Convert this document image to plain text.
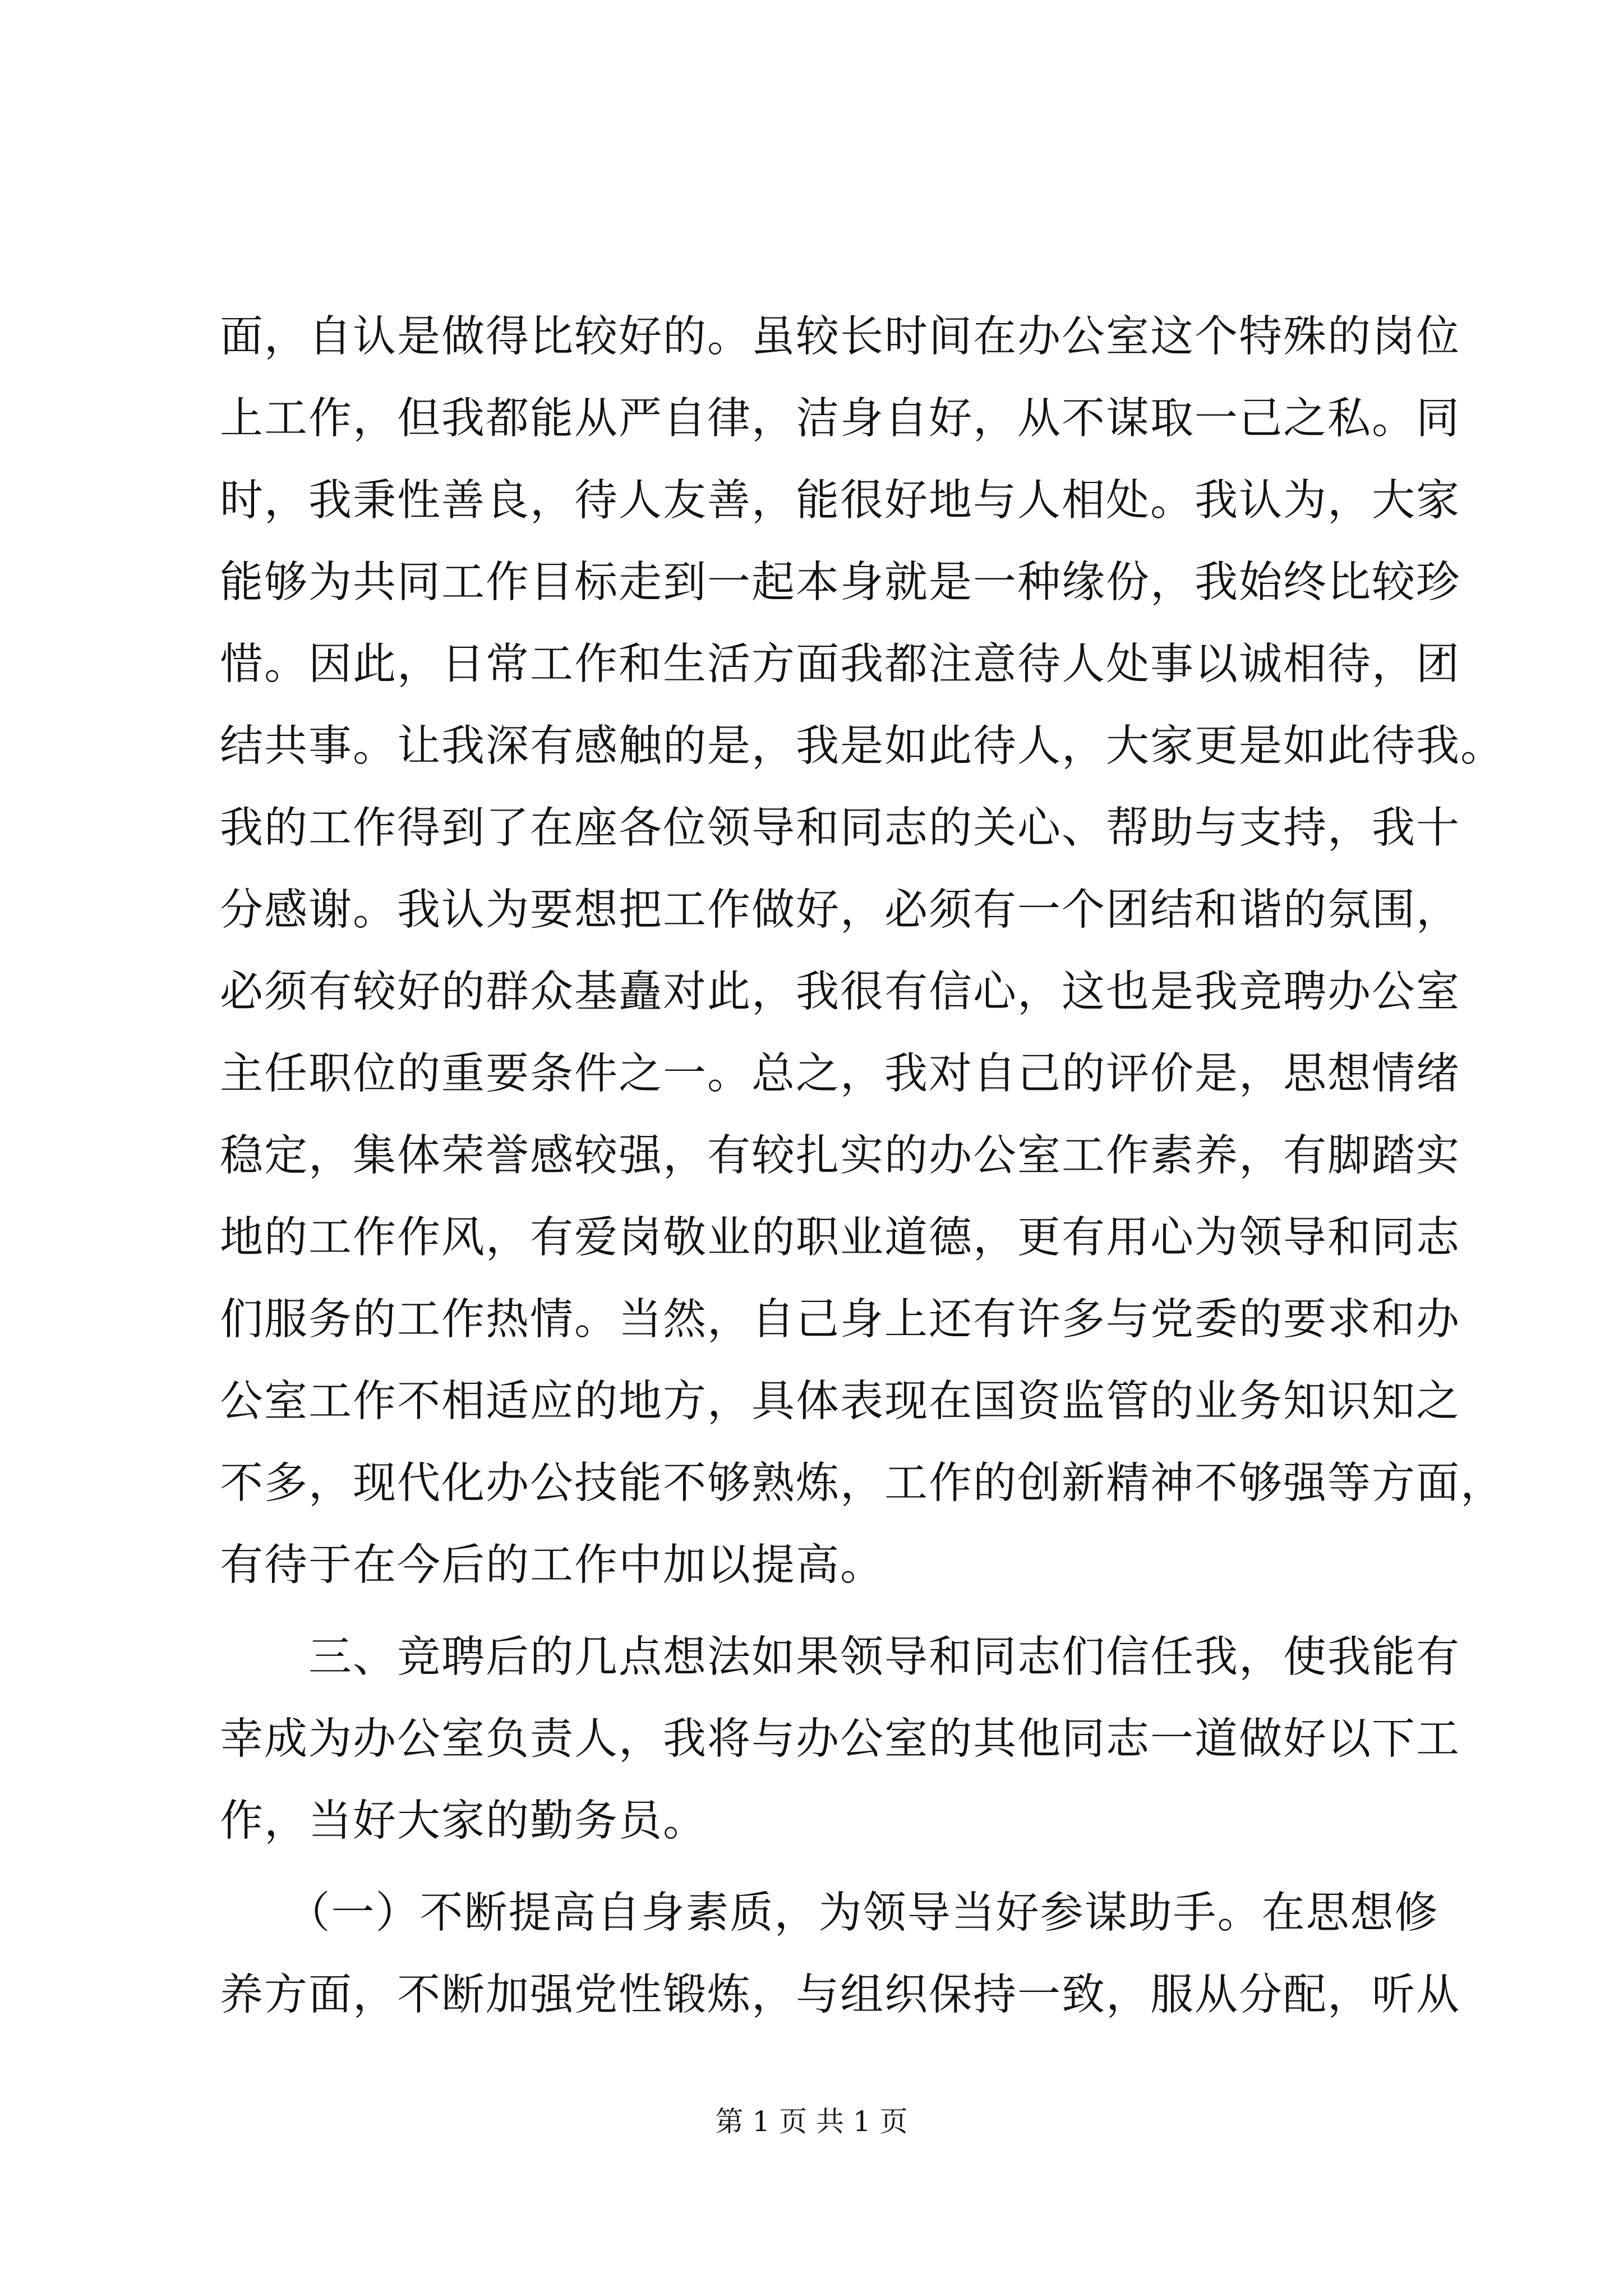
面，自认是做得比较好的。虽较长时间在办公室这个特殊的岗位
上工作，但我都能从严自律，洁身自好，从不谋取一己之私。同
时，我秉性善良，待人友善，能很好地与人相处。我认为，大家
能够为共同工作目标走到一起本身就是一种缘份，我始终比较珍
惜。因此，日常工作和生活方面我都注意待人处事以诚相待，团
结共事。让我深有感触的是，我是如此待人，大家更是如此待我。
我的工作得到了在座各位领导和同志的关心、帮助与支持，我十
分感谢。我认为要想把工作做好，必须有一个团结和谐的氛围，
必须有较好的群众基矗对此，我很有信心，这也是我竞聘办公室
主任职位的重要条件之一。总之，我对自己的评价是，思想情绪
稳定，集体荣誉感较强，有较扎实的办公室工作素养，有脚踏实
地的工作作风，有爱岗敬业的职业道德，更有用心为领导和同志
们服务的工作热情。当然，自己身上还有许多与党委的要求和办
公室工作不相适应的地方，具体表现在国资监管的业务知识知之
不多，现代化办公技能不够熟炼，工作的创新精神不够强等方面，
有待于在今后的工作中加以提高。
　　三、竞聘后的几点想法如果领导和同志们信任我，使我能有
幸成为办公室负责人，我将与办公室的其他同志一道做好以下工
作，当好大家的勤务员。
　　（一）不断提高自身素质，为领导当好参谋助手。在思想修
养方面，不断加强党性锻炼，与组织保持一致，服从分配，听从
第 1 页 共 1 页
